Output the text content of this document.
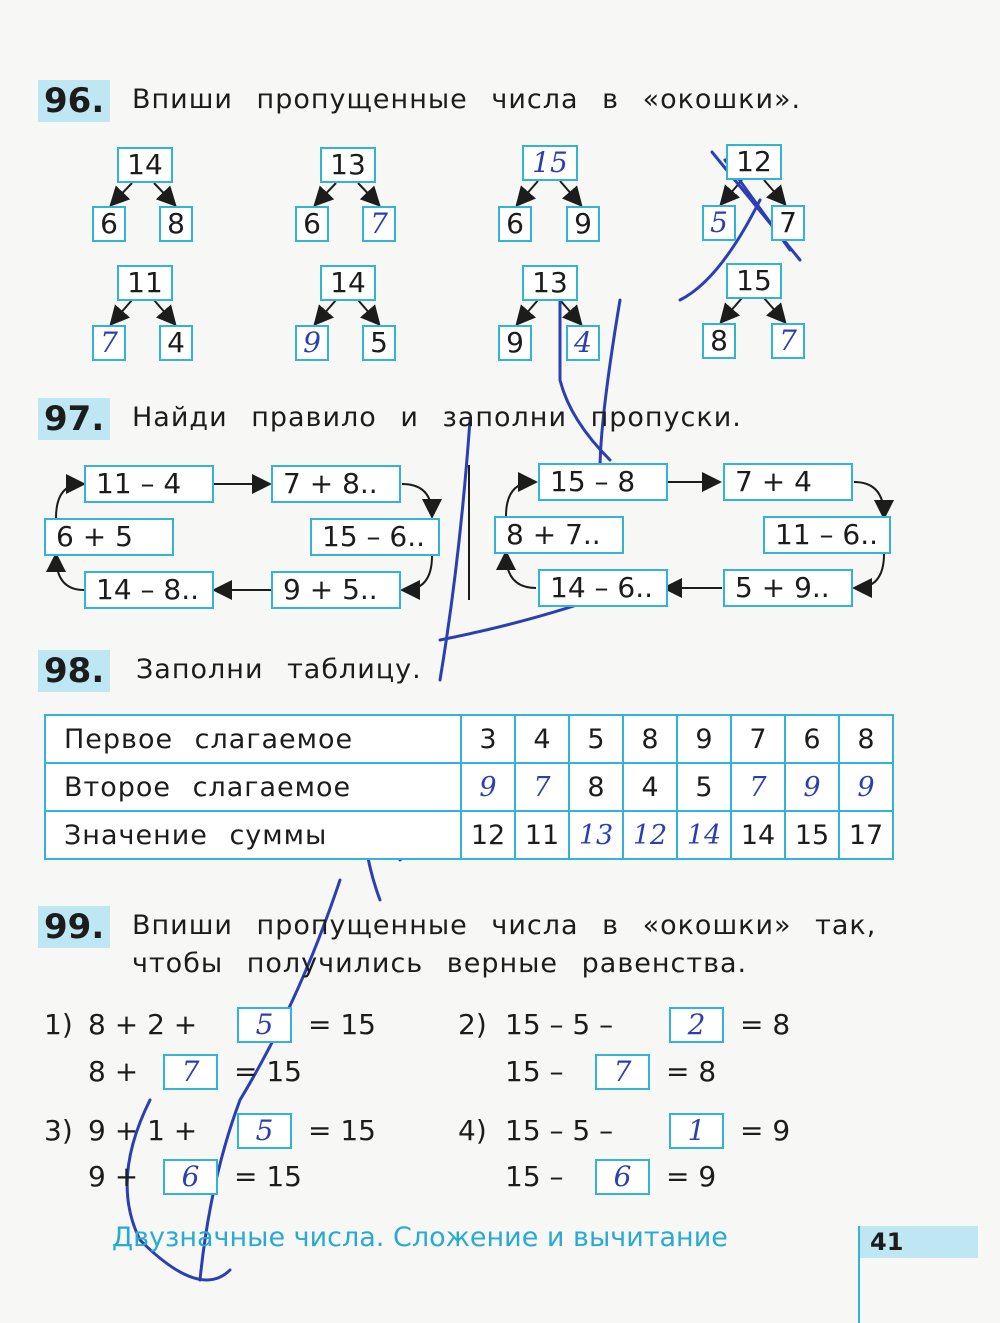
96. Впиши пропущенные числа в «окошки».
14
6 8
13
6 7
15
6 9
12
5 7
11
7 4
14
9 5
13
9 4
15
8 7
97. Найди правило и заполни пропуски.
11 – 4	7 + 8..
15 – 6..
9 + 5..
14 – 8..
6 + 5
15 – 8	7 + 4
11 – 6..
5 + 9..
14 – 6..
8 + 7..
98. Заполни таблицу.
Первое слагаемое	3	4	5	8	9	7	6	8
Второе слагаемое	9	7	8	4	5	7	9	9
Значение суммы	12	11	13	12	14	14	15	17
99. Впиши пропущенные числа в «окошки» так,
чтобы получились верные равенства.
1) 8 + 2 +	5	= 15
8 +	7	= 15
2) 15 – 5 –	2	= 8
15 –	7	= 8
3) 9 + 1 +	5	= 15
9 +	6	= 15
4) 15 – 5 –	1	= 9
15 –	6	= 9
Двузначные числа. Сложение и вычитание	41
